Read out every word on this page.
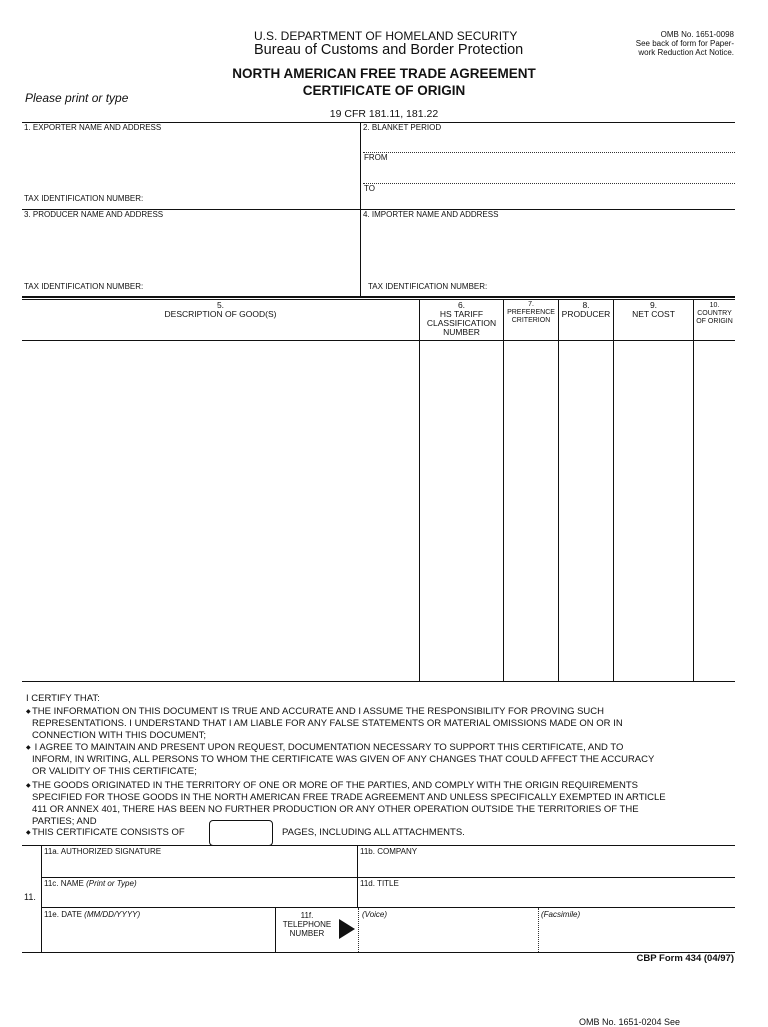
U.S. DEPARTMENT OF HOMELAND SECURITY
Bureau of Customs and Border Protection
OMB No. 1651-0098
See back of form for Paper-
work Reduction Act Notice.
NORTH AMERICAN FREE TRADE AGREEMENT
CERTIFICATE OF ORIGIN
Please print or type
19 CFR 181.11, 181.22
1. EXPORTER NAME AND ADDRESS	2. BLANKET PERIOD
FROM
TO
TAX IDENTIFICATION NUMBER:
3. PRODUCER NAME AND ADDRESS	4. IMPORTER NAME AND ADDRESS
TAX IDENTIFICATION NUMBER:	TAX IDENTIFICATION NUMBER:
5.
DESCRIPTION OF GOOD(S)
6.
HS TARIFF
CLASSIFICATION
NUMBER
7.
PREFERENCE
CRITERION
8.
PRODUCER
9.
NET COST
10.
COUNTRY
OF ORIGIN
I CERTIFY THAT:
◆THE INFORMATION ON THIS DOCUMENT IS TRUE AND ACCURATE AND I ASSUME THE RESPONSIBILITY FOR PROVING SUCH
REPRESENTATIONS. I UNDERSTAND THAT I AM LIABLE FOR ANY FALSE STATEMENTS OR MATERIAL OMISSIONS MADE ON OR IN
CONNECTION WITH THIS DOCUMENT;
◆ I AGREE TO MAINTAIN AND PRESENT UPON REQUEST, DOCUMENTATION NECESSARY TO SUPPORT THIS CERTIFICATE, AND TO
INFORM, IN WRITING, ALL PERSONS TO WHOM THE CERTIFICATE WAS GIVEN OF ANY CHANGES THAT COULD AFFECT THE ACCURACY
OR VALIDITY OF THIS CERTIFICATE;
◆THE GOODS ORIGINATED IN THE TERRITORY OF ONE OR MORE OF THE PARTIES, AND COMPLY WITH THE ORIGIN REQUIREMENTS
SPECIFIED FOR THOSE GOODS IN THE NORTH AMERICAN FREE TRADE AGREEMENT AND UNLESS SPECIFICALLY EXEMPTED IN ARTICLE
411 OR ANNEX 401, THERE HAS BEEN NO FURTHER PRODUCTION OR ANY OTHER OPERATION OUTSIDE THE TERRITORIES OF THE
PARTIES; AND
◆THIS CERTIFICATE CONSISTS OF	PAGES, INCLUDING ALL ATTACHMENTS.
11.
11a. AUTHORIZED SIGNATURE	11b. COMPANY
11c. NAME (Print or Type)	11d. TITLE
11e. DATE (MM/DD/YYYY)	11f.
TELEPHONE
NUMBER
(Voice)	(Facsimile)
CBP Form 434 (04/97)
OMB No. 1651-0204 See
